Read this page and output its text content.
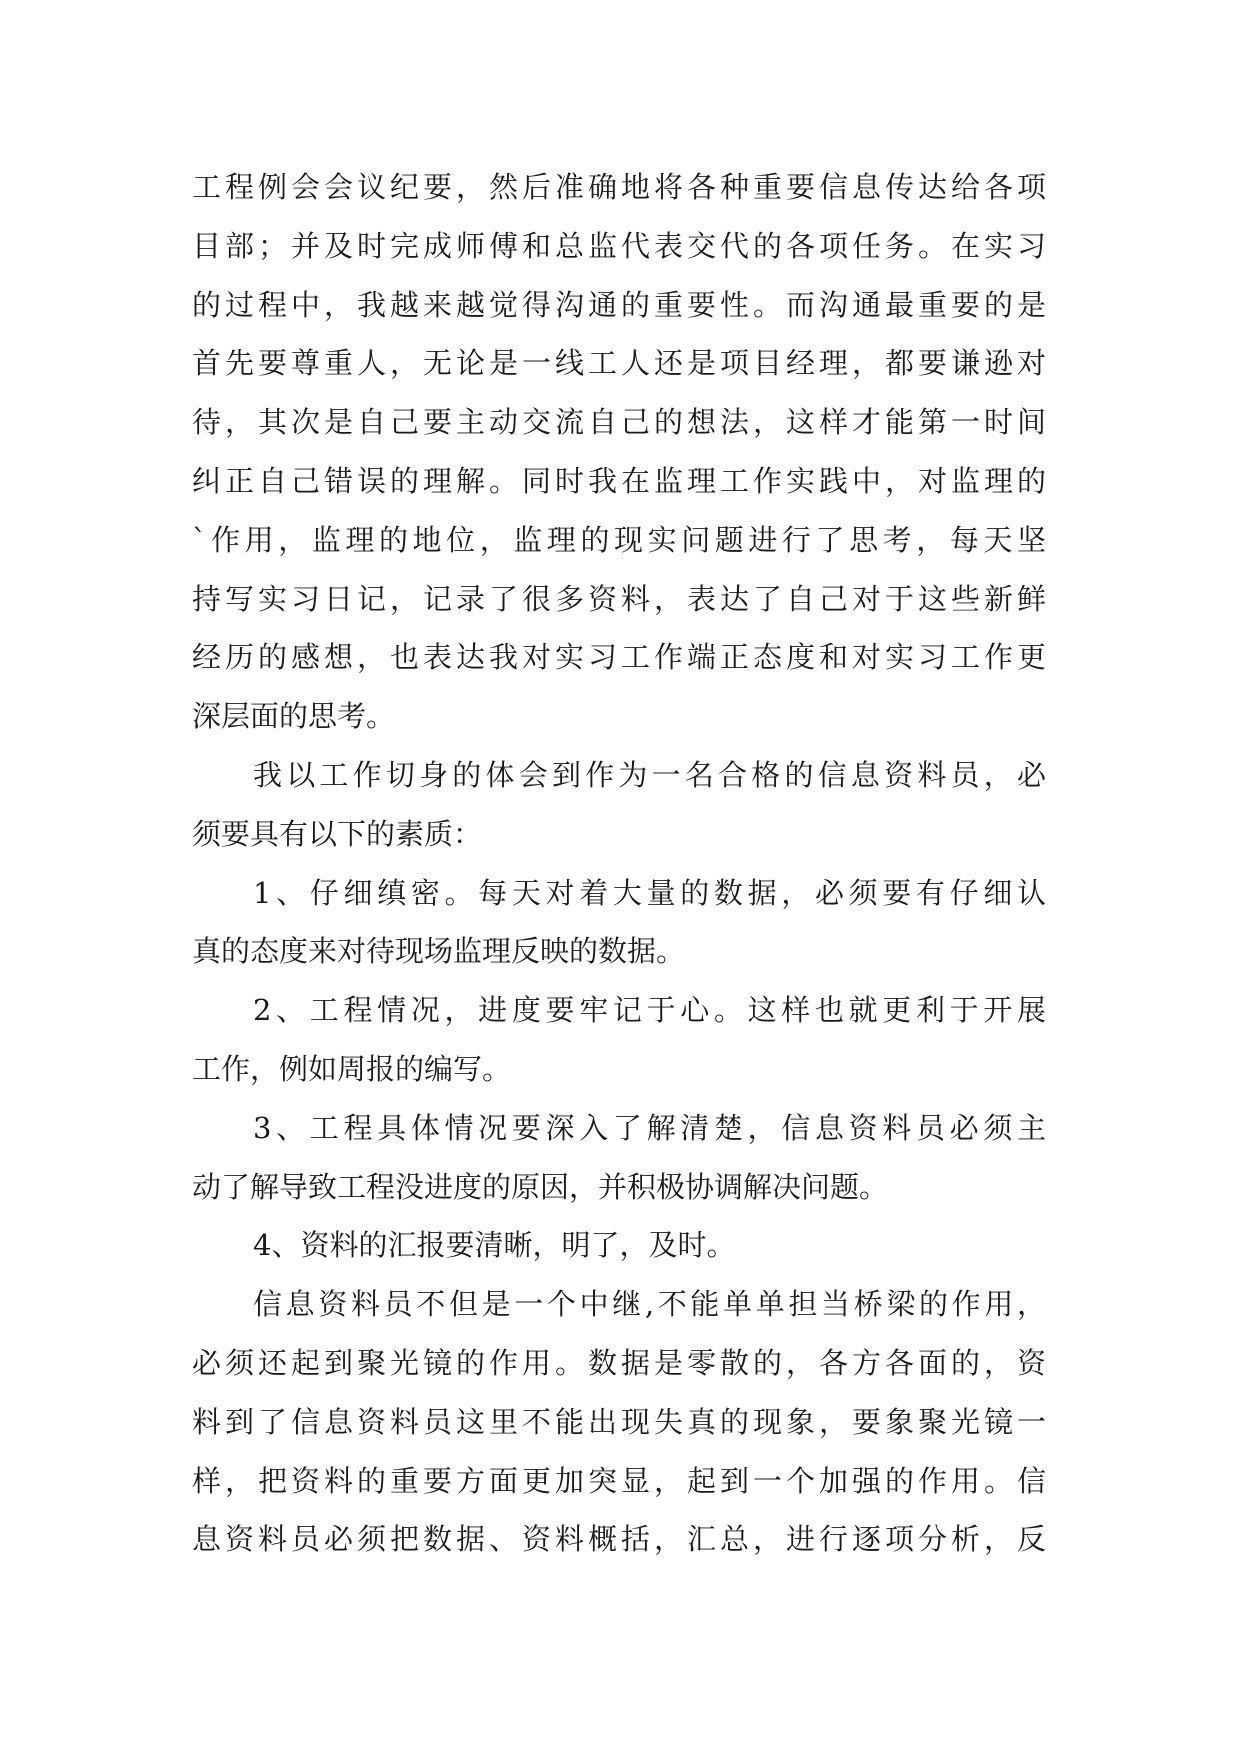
工程例会会议纪要，然后准确地将各种重要信息传达给各项
目部；并及时完成师傅和总监代表交代的各项任务。在实习
的过程中，我越来越觉得沟通的重要性。而沟通最重要的是
首先要尊重人，无论是一线工人还是项目经理，都要谦逊对
待，其次是自己要主动交流自己的想法，这样才能第一时间
纠正自己错误的理解。同时我在监理工作实践中，对监理的
`作用，监理的地位，监理的现实问题进行了思考，每天坚
持写实习日记，记录了很多资料，表达了自己对于这些新鲜
经历的感想，也表达我对实习工作端正态度和对实习工作更
深层面的思考。
我以工作切身的体会到作为一名合格的信息资料员，必
须要具有以下的素质：
1、仔细缜密。每天对着大量的数据，必须要有仔细认
真的态度来对待现场监理反映的数据。
2、工程情况，进度要牢记于心。这样也就更利于开展
工作，例如周报的编写。
3、工程具体情况要深入了解清楚，信息资料员必须主
动了解导致工程没进度的原因，并积极协调解决问题。
4、资料的汇报要清晰，明了，及时。
信息资料员不但是一个中继,不能单单担当桥梁的作用，
必须还起到聚光镜的作用。数据是零散的，各方各面的，资
料到了信息资料员这里不能出现失真的现象，要象聚光镜一
样，把资料的重要方面更加突显，起到一个加强的作用。信
息资料员必须把数据、资料概括，汇总，进行逐项分析，反
